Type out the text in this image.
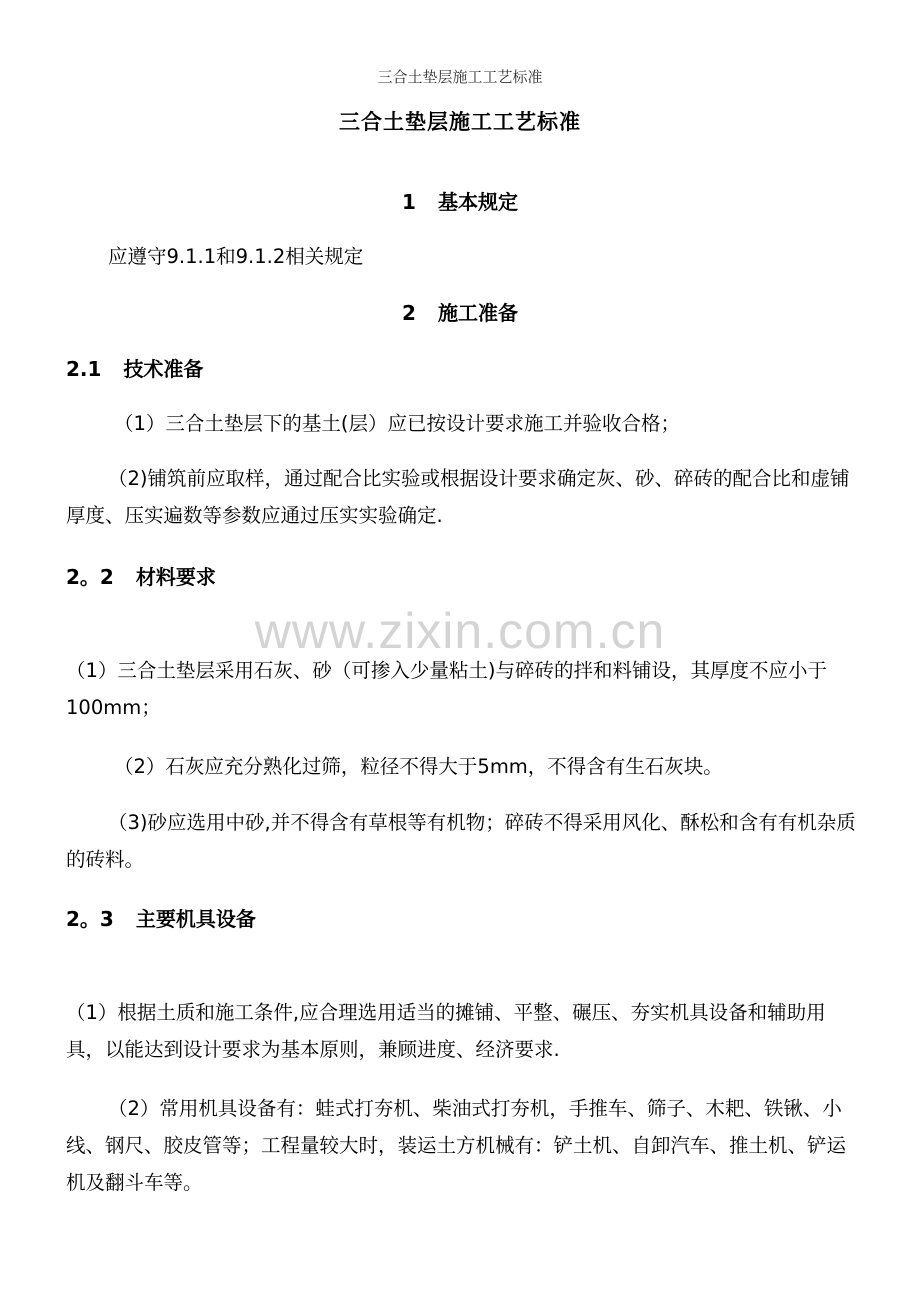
三合土垫层施工工艺标准
三合土垫层施工工艺标准
1 基本规定
应遵守9.1.1和9.1.2相关规定
2 施工准备
2.1 技术准备
（1）三合土垫层下的基土(层）应已按设计要求施工并验收合格；
（2)铺筑前应取样，通过配合比实验或根据设计要求确定灰、砂、碎砖的配合比和虚铺厚度、压实遍数等参数应通过压实实验确定.
2。2 材料要求
www.zixin.com.cn
（1）三合土垫层采用石灰、砂（可掺入少量粘土)与碎砖的拌和料铺设，其厚度不应小于100mm；
（2）石灰应充分熟化过筛，粒径不得大于5mm，不得含有生石灰块。
（3)砂应选用中砂,并不得含有草根等有机物；碎砖不得采用风化、酥松和含有有机杂质的砖料。
2。3 主要机具设备
（1）根据土质和施工条件,应合理选用适当的摊铺、平整、碾压、夯实机具设备和辅助用具，以能达到设计要求为基本原则，兼顾进度、经济要求.
（2）常用机具设备有：蛙式打夯机、柴油式打夯机，手推车、筛子、木耙、铁锹、小线、钢尺、胶皮管等；工程量较大时，装运土方机械有：铲土机、自卸汽车、推土机、铲运机及翻斗车等。
